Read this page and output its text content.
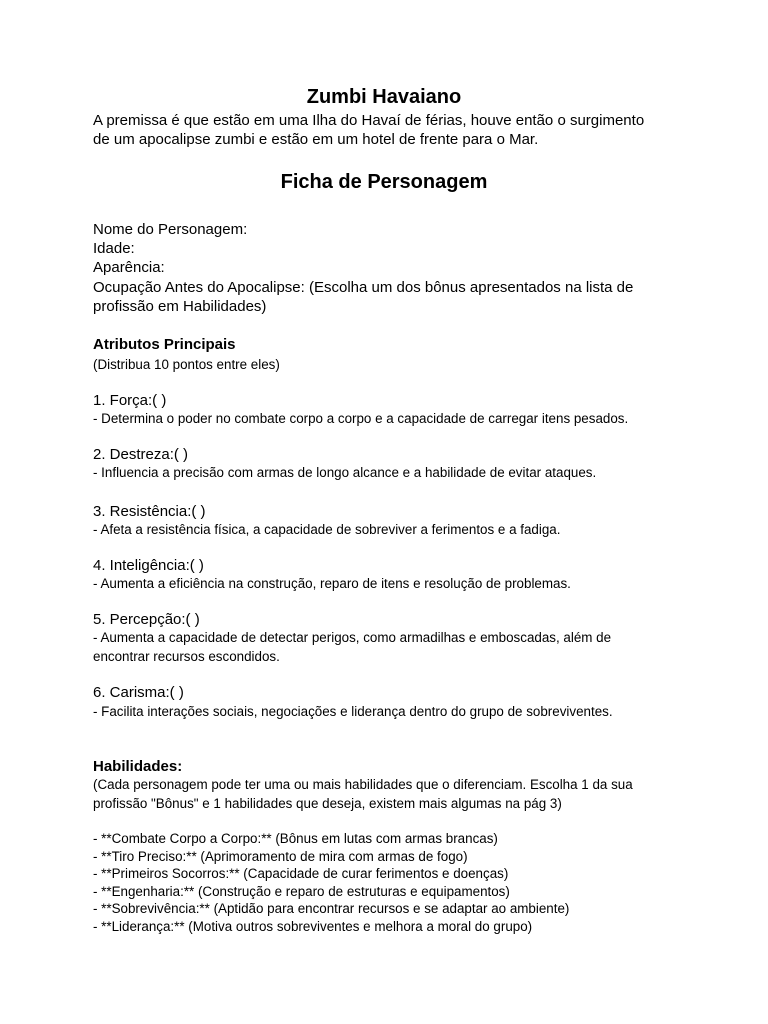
Zumbi Havaiano
A premissa é que estão em uma Ilha do Havaí de férias, houve então o surgimento
de um apocalipse zumbi e estão em um hotel de frente para o Mar.
Ficha de Personagem
Nome do Personagem:
Idade:
Aparência:
Ocupação Antes do Apocalipse: (Escolha um dos bônus apresentados na lista de
profissão em Habilidades)
Atributos Principais
(Distribua 10 pontos entre eles)
1. Força:( )
- Determina o poder no combate corpo a corpo e a capacidade de carregar itens pesados.
2. Destreza:( )
- Influencia a precisão com armas de longo alcance e a habilidade de evitar ataques.
3. Resistência:( )
- Afeta a resistência física, a capacidade de sobreviver a ferimentos e a fadiga.
4. Inteligência:( )
- Aumenta a eficiência na construção, reparo de itens e resolução de problemas.
5. Percepção:( )
- Aumenta a capacidade de detectar perigos, como armadilhas e emboscadas, além de
encontrar recursos escondidos.
6. Carisma:( )
- Facilita interações sociais, negociações e liderança dentro do grupo de sobreviventes.
Habilidades:
(Cada personagem pode ter uma ou mais habilidades que o diferenciam. Escolha 1 da sua
profissão "Bônus" e 1 habilidades que deseja, existem mais algumas na pág 3)
- **Combate Corpo a Corpo:** (Bônus em lutas com armas brancas)
- **Tiro Preciso:** (Aprimoramento de mira com armas de fogo)
- **Primeiros Socorros:** (Capacidade de curar ferimentos e doenças)
- **Engenharia:** (Construção e reparo de estruturas e equipamentos)
- **Sobrevivência:** (Aptidão para encontrar recursos e se adaptar ao ambiente)
- **Liderança:** (Motiva outros sobreviventes e melhora a moral do grupo)
